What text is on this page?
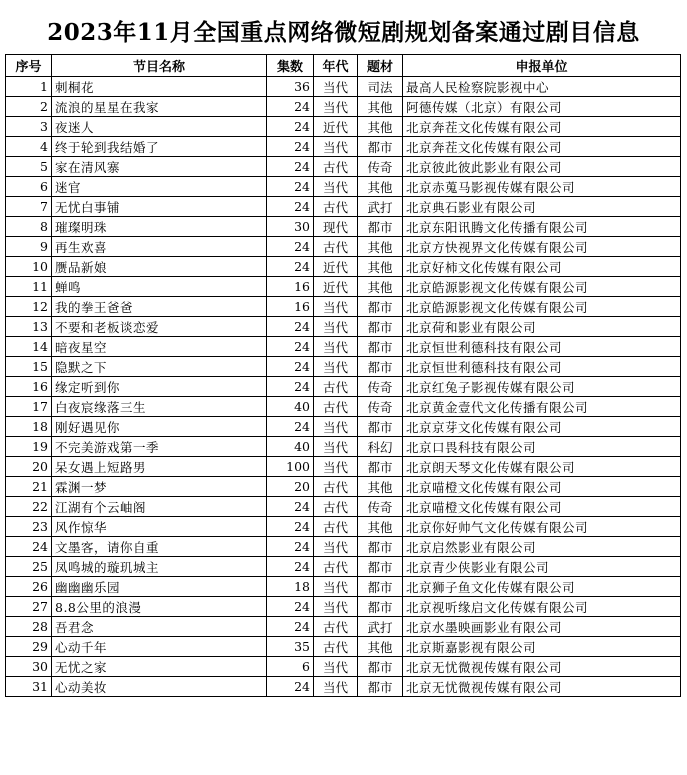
2023年11月全国重点网络微短剧规划备案通过剧目信息
序号	节目名称	集数	年代	题材	申报单位
1	刺桐花	36	当代	司法	最高人民检察院影视中心
2	流浪的星星在我家	24	当代	其他	阿德传媒（北京）有限公司
3	夜迷人	24	近代	其他	北京奔茬文化传媒有限公司
4	终于轮到我结婚了	24	当代	都市	北京奔茬文化传媒有限公司
5	家在清风寨	24	古代	传奇	北京彼此彼此影业有限公司
6	迷官	24	当代	其他	北京赤蒐马影视传媒有限公司
7	无忧白事铺	24	古代	武打	北京典石影业有限公司
8	璀璨明珠	30	现代	都市	北京东阳讯腾文化传播有限公司
9	再生欢喜	24	古代	其他	北京方快视界文化传媒有限公司
10	赝品新娘	24	近代	其他	北京好柿文化传媒有限公司
11	蝉鸣	16	近代	其他	北京皓源影视文化传媒有限公司
12	我的拳王爸爸	16	当代	都市	北京皓源影视文化传媒有限公司
13	不要和老板谈恋爱	24	当代	都市	北京荷和影业有限公司
14	暗夜星空	24	当代	都市	北京恒世利德科技有限公司
15	隐默之下	24	当代	都市	北京恒世利德科技有限公司
16	缘定听到你	24	古代	传奇	北京红兔子影视传媒有限公司
17	白夜宸缘落三生	40	古代	传奇	北京黄金壹代文化传播有限公司
18	刚好遇见你	24	当代	都市	北京京芽文化传媒有限公司
19	不完美游戏第一季	40	当代	科幻	北京口畏科技有限公司
20	呆女遇上短路男	100	当代	都市	北京朗天琴文化传媒有限公司
21	霖渊一梦	20	古代	其他	北京喵橙文化传媒有限公司
22	江湖有个云岫阁	24	古代	传奇	北京喵橙文化传媒有限公司
23	风作惊华	24	古代	其他	北京你好帅气文化传媒有限公司
24	文墨客，请你自重	24	当代	都市	北京启然影业有限公司
25	凤鸣城的璇玑城主	24	古代	都市	北京青少侠影业有限公司
26	幽幽幽乐园	18	当代	都市	北京狮子鱼文化传媒有限公司
27	8.8公里的浪漫	24	当代	都市	北京视听缘启文化传媒有限公司
28	吾君念	24	古代	武打	北京水墨映画影业有限公司
29	心动千年	35	古代	其他	北京斯嘉影视有限公司
30	无忧之家	6	当代	都市	北京无忧微视传媒有限公司
31	心动美妆	24	当代	都市	北京无忧微视传媒有限公司
